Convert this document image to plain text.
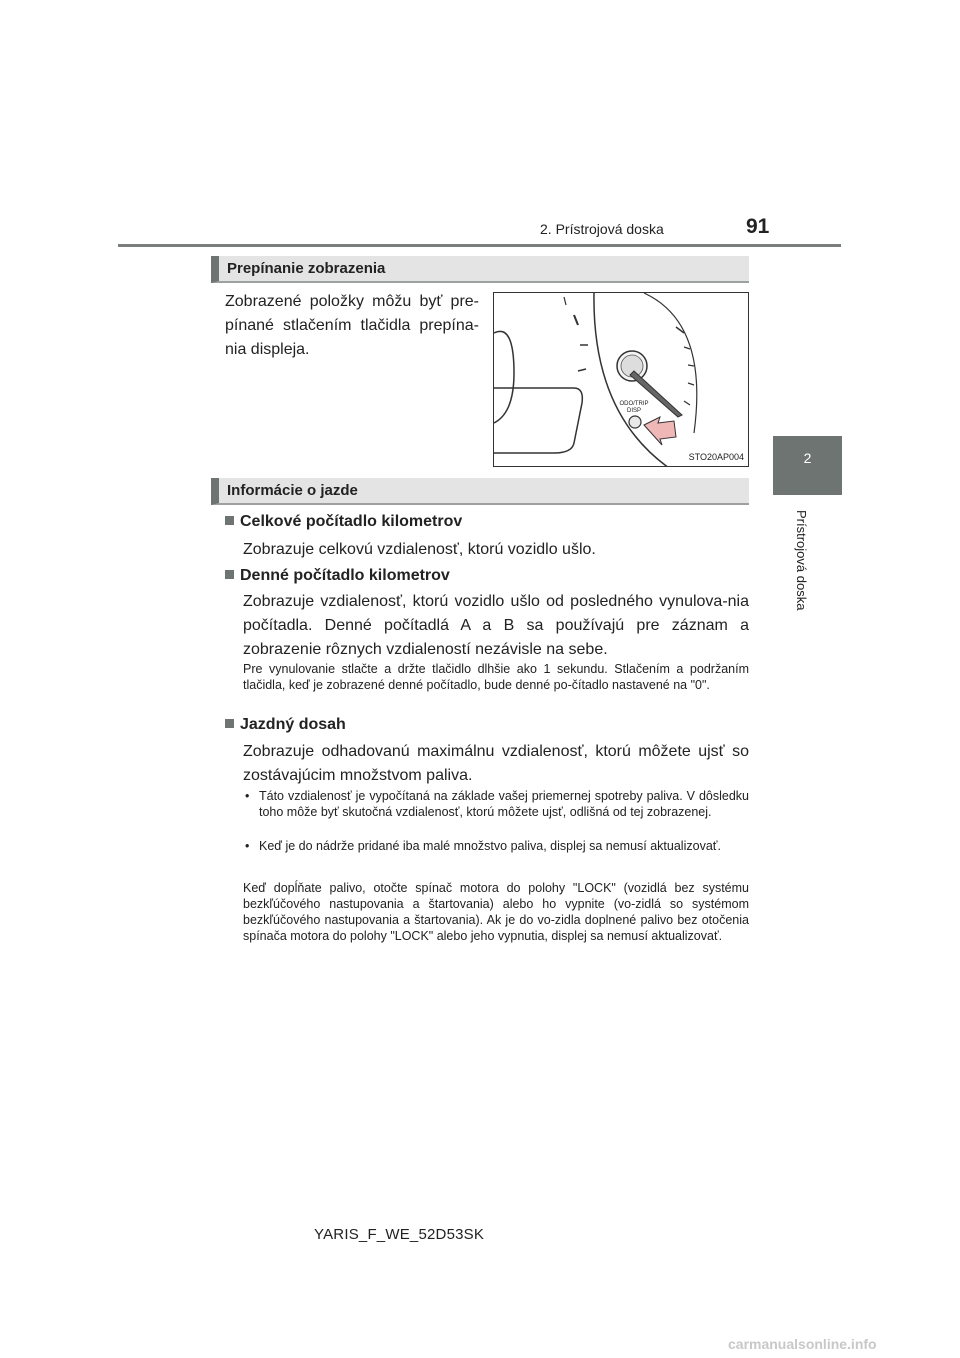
2. Prístrojová doska	91
2
Prístrojová doska
Prepínanie zobrazenia
Zobrazené položky môžu byť pre-pínané stlačením tlačidla prepína-nia displeja.
ODO/TRIP
DISP
STO20AP004
Informácie o jazde
Celkové počítadlo kilometrov
Zobrazuje celkovú vzdialenosť, ktorú vozidlo ušlo.
Denné počítadlo kilometrov
Zobrazuje vzdialenosť, ktorú vozidlo ušlo od posledného vynulova-nia počítadla. Denné počítadlá A a B sa používajú pre záznam a zobrazenie rôznych vzdialeností nezávisle na sebe.
Pre vynulovanie stlačte a držte tlačidlo dlhšie ako 1 sekundu. Stlačením a podržaním tlačidla, keď je zobrazené denné počítadlo, bude denné po-čítadlo nastavené na "0".
Jazdný dosah
Zobrazuje odhadovanú maximálnu vzdialenosť, ktorú môžete ujsť so zostávajúcim množstvom paliva.
• Táto vzdialenosť je vypočítaná na základe vašej priemernej spotreby paliva. V dôsledku toho môže byť skutočná vzdialenosť, ktorú môžete ujsť, odlišná od tej zobrazenej.
• Keď je do nádrže pridané iba malé množstvo paliva, displej sa nemusí aktualizovať.
Keď dopĺňate palivo, otočte spínač motora do polohy "LOCK" (vozidlá bez systému bezkľúčového nastupovania a štartovania) alebo ho vypnite (vo-zidlá so systémom bezkľúčového nastupovania a štartovania). Ak je do vo-zidla doplnené palivo bez otočenia spínača motora do polohy "LOCK" alebo jeho vypnutia, displej sa nemusí aktualizovať.
YARIS_F_WE_52D53SK
carmanualsonline.info
